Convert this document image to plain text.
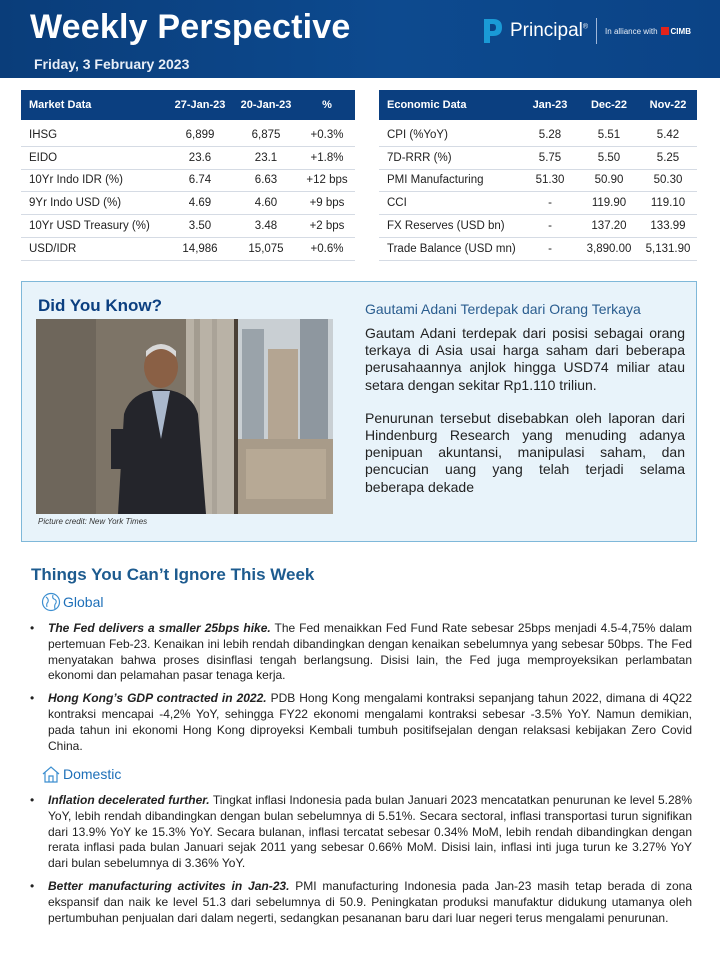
Weekly Perspective
Friday, 3 February 2023
Principal® In alliance with CIMB
Market Data	27-Jan-23	20-Jan-23	%
IHSG	6,899	6,875	+0.3%
EIDO	23.6	23.1	+1.8%
10Yr Indo IDR (%)	6.74	6.63	+12 bps
9Yr Indo USD (%)	4.69	4.60	+9 bps
10Yr USD Treasury (%)	3.50	3.48	+2 bps
USD/IDR	14,986	15,075	+0.6%
Economic Data	Jan-23	Dec-22	Nov-22
CPI (%YoY)	5.28	5.51	5.42
7D-RRR (%)	5.75	5.50	5.25
PMI Manufacturing	51.30	50.90	50.30
CCI	-	119.90	119.10
FX Reserves (USD bn)	-	137.20	133.99
Trade Balance (USD mn)	-	3,890.00	5,131.90
Did You Know?
Picture credit: New York Times
Gautami Adani Terdepak dari Orang Terkaya

Gautam Adani terdepak dari posisi sebagai orang terkaya di Asia usai harga saham dari beberapa perusahaannya anjlok hingga USD74 miliar atau setara dengan sekitar Rp1.110 triliun.

Penurunan tersebut disebabkan oleh laporan dari Hindenburg Research yang menuding adanya penipuan akuntansi, manipulasi saham, dan pencucian uang yang telah terjadi selama beberapa dekade

Things You Can’t Ignore This Week
Global
•	The Fed delivers a smaller 25bps hike. The Fed menaikkan Fed Fund Rate sebesar 25bps menjadi 4.5-4,75% dalam pertemuan Feb-23. Kenaikan ini lebih rendah dibandingkan dengan kenaikan sebelumnya yang sebesar 50bps. The Fed menyatakan bahwa proses disinflasi tengah berlangsung. Disisi lain, the Fed juga memproyeksikan perlambatan ekonomi dan pelamahan pasar tenaga kerja.
•	Hong Kong’s GDP contracted in 2022. PDB Hong Kong mengalami kontraksi sepanjang tahun 2022, dimana di 4Q22 kontraksi mencapai -4,2% YoY, sehingga FY22 ekonomi mengalami kontraksi sebesar -3.5% YoY. Namun demikian, pada tahun ini ekonomi Hong Kong diproyeksi Kembali tumbuh positifsejalan dengan relaksasi kebijakan Zero Covid China.
Domestic
•	Inflation decelerated further. Tingkat inflasi Indonesia pada bulan Januari 2023 mencatatkan penurunan ke level 5.28% YoY, lebih rendah dibandingkan dengan bulan sebelumnya di 5.51%. Secara sectoral, inflasi transportasi turun signifikan dari 13.9% YoY ke 15.3% YoY. Secara bulanan, inflasi tercatat sebesar 0.34% MoM, lebih rendah dibandingkan dengan rerata inflasi pada bulan Januari sejak 2011 yang sebesar 0.66% MoM. Disisi lain, inflasi inti juga turun ke 3.27% YoY dari bulan sebelumnya di 3.36% YoY.
•	Better manufacturing activites in Jan-23. PMI manufacturing Indonesia pada Jan-23 masih tetap berada di zona ekspansif dan naik ke level 51.3 dari sebelumnya di 50.9. Peningkatan produksi manufaktur didukung utamanya oleh pertumbuhan penjualan dari dalam negerti, sedangkan pesananan baru dari luar negeri terus mengalami penurunan.
